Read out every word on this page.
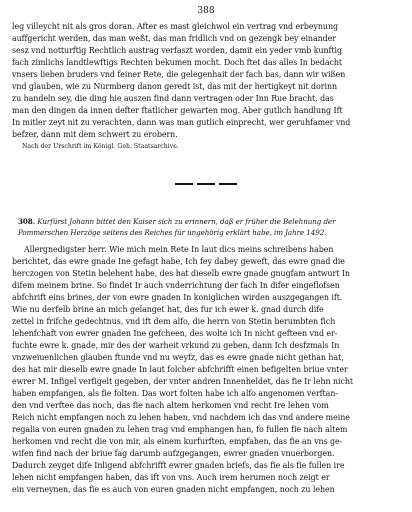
388
leg villeycht nit als gros doran. After es mast gleichwol ein vertrag vnd erbeynung
auffgericht werden, das man weßt, das man fridlich vnd on gezengk bey einander
sesz vnd notturftig Rechtlich austrag verfaszt worden, damit ein yeder vmb kunftig
fach zimlichs landtlewftigs Rechten bekumen mocht. Doch ftet das alles In bedacht
vnsers lieben bruders vnd feiner Rete, die gelegenhait der fach bas, dann wir wißen
vnd glauben, wie zu Nurmberg danon geredt ist, das mit der hertigkeyt nit dorinn
zu handeln sey, die ding hie auszen find dann vertragen oder Inn Rue bracht, das
man den dingen da innen defter ftatlicher gewarten mog. Aber gutlich handlung Ift
In mitler zeyt nit zu verachten, dann was man gutlich einprecht, wer geruhfamer vnd
befzer, dann mit dem schwert zu erobern.
Nach der Urschrift im Königl. Geh. Staatsarchive.
308. Kurfürst Johann bittet den Kaiser sich zu erinnern, daß er früher die Belehnung der
Pommerschen Herzöge seitens des Reiches für ungehörig erklärt habe, im Jahre 1492.
Allergnedigster herr. Wie mich mein Rete In laut dics meins schreibens haben
berichtet, das ewre gnade Ine gefagt habe, Ich fey dabey geweft, das ewre gnad die
herczogen von Stetin belehent habe, des hat dieselb ewre gnade gnugfam antwurt In
difem meinem brine. So findet Ir auch vnderrichtung der fach In difer eingeflofsen
abfchrift eins brines, der von ewre gnaden In koniglichen wirden auszgegangen ift.
Wie nu derfelb brine an mich gelanget hat, des fur ich ewer k. gnad durch dife
zettel in frifche gedechtnus, vnd ift dem alfo, die herrn von Stetin berumbten fich
lehenfchaft von ewrer gnaden Ine gefcheen, des wolte ich In nicht gefteen vnd er-
fuchte ewre k. gnade, mir des der warheit vrkund zu geben, dann Ich desfzmals In
vnzweiuenlichen glauben ftunde vnd nu weyfz, das es ewre gnade nicht gethan hat,
des hat mir dieselb ewre gnade In laut folcher abfchrifft einen befigelten briue vnter
ewrer M. Infigel verfigelt gegeben, der vnter andren Innenheldet, das fie Ir lehn nicht
haben empfangen, als fie folten. Das wort folten habe ich alfo angenomen verftan-
den vnd verftee das noch, das fie nach altem herkomen vnd recht Ire lehen vom
Reich nicht empfangen noch zu lehen haben, vnd nachdem ich das vnd andere meine
regalia von euren gnaden zu lehen trag vnd emphangen han, fo fullen fie nach altem
herkomen vnd recht die von mir, als einem kurfurften, empfahen, das fie an vns ge-
wifen find nach der briue fag darumb aufzgegangen, ewrer gnaden vnuerborgen.
Dadurch zeyget dife Inligend abfchrifft ewrer gnaden briefs, das fie als fie fullen ire
lehen nicht empfangen haben, das ift von vns. Auch irem herumen noch zeigt er
ein verneynen, das fie es auch von euren gnaden nicht empfangen, noch zu lehen
